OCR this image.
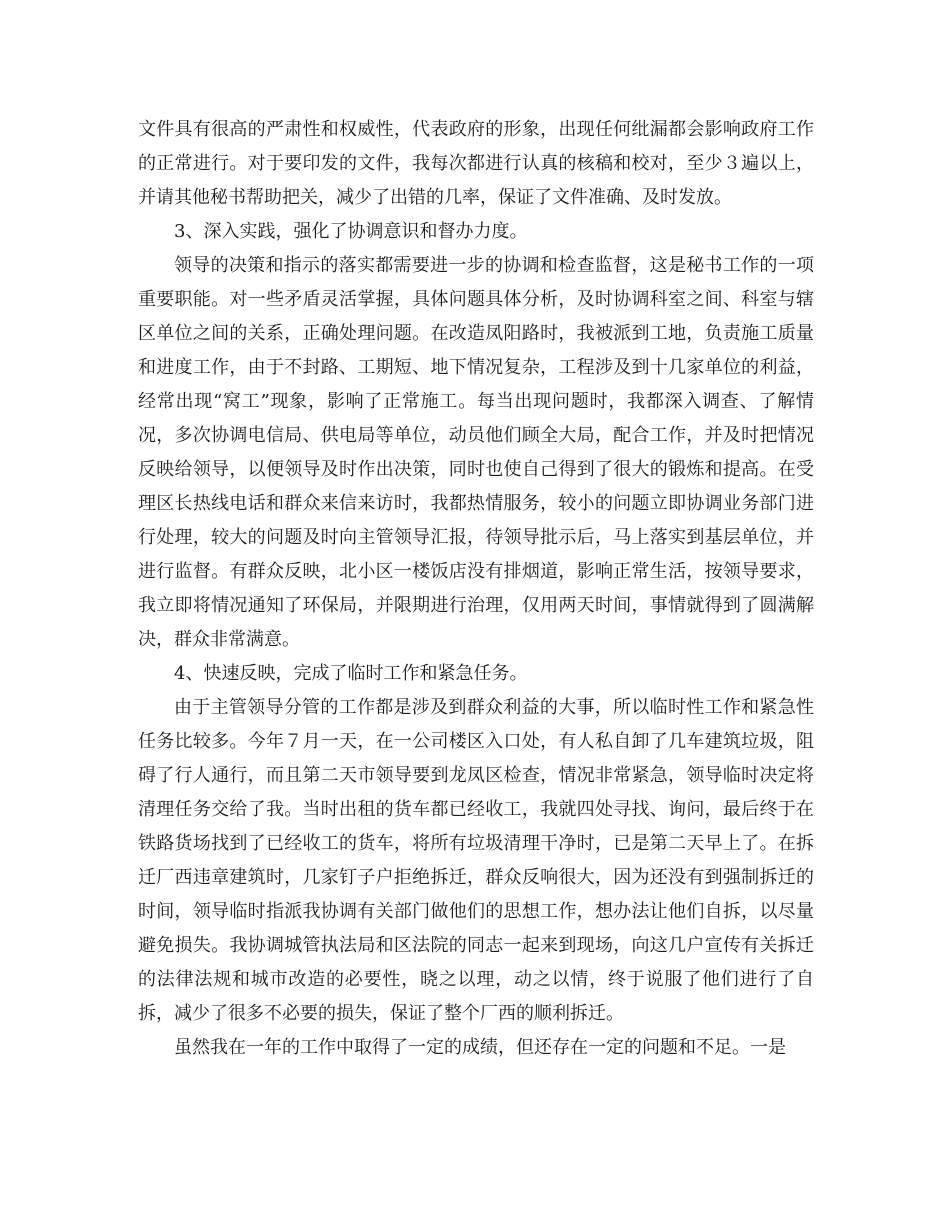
文件具有很高的严肃性和权威性，代表政府的形象，出现任何纰漏都会影响政府工作的正常进行。对于要印发的文件，我每次都进行认真的核稿和校对，至少３遍以上，并请其他秘书帮助把关，减少了出错的几率，保证了文件准确、及时发放。

3、深入实践，强化了协调意识和督办力度。

领导的决策和指示的落实都需要进一步的协调和检查监督，这是秘书工作的一项重要职能。对一些矛盾灵活掌握，具体问题具体分析，及时协调科室之间、科室与辖区单位之间的关系，正确处理问题。在改造凤阳路时，我被派到工地，负责施工质量和进度工作，由于不封路、工期短、地下情况复杂，工程涉及到十几家单位的利益，经常出现“窝工”现象，影响了正常施工。每当出现问题时，我都深入调查、了解情况，多次协调电信局、供电局等单位，动员他们顾全大局，配合工作，并及时把情况反映给领导，以便领导及时作出决策，同时也使自己得到了很大的锻炼和提高。在受理区长热线电话和群众来信来访时，我都热情服务，较小的问题立即协调业务部门进行处理，较大的问题及时向主管领导汇报，待领导批示后，马上落实到基层单位，并进行监督。有群众反映，北小区一楼饭店没有排烟道，影响正常生活，按领导要求，我立即将情况通知了环保局，并限期进行治理，仅用两天时间，事情就得到了圆满解决，群众非常满意。

4、快速反映，完成了临时工作和紧急任务。

由于主管领导分管的工作都是涉及到群众利益的大事，所以临时性工作和紧急性任务比较多。今年７月一天，在一公司楼区入口处，有人私自卸了几车建筑垃圾，阻碍了行人通行，而且第二天市领导要到龙凤区检查，情况非常紧急，领导临时决定将清理任务交给了我。当时出租的货车都已经收工，我就四处寻找、询问，最后终于在铁路货场找到了已经收工的货车，将所有垃圾清理干净时，已是第二天早上了。在拆迁厂西违章建筑时，几家钉子户拒绝拆迁，群众反响很大，因为还没有到强制拆迁的时间，领导临时指派我协调有关部门做他们的思想工作，想办法让他们自拆，以尽量避免损失。我协调城管执法局和区法院的同志一起来到现场，向这几户宣传有关拆迁的法律法规和城市改造的必要性，晓之以理，动之以情，终于说服了他们进行了自拆，减少了很多不必要的损失，保证了整个厂西的顺利拆迁。

虽然我在一年的工作中取得了一定的成绩，但还存在一定的问题和不足。一是
